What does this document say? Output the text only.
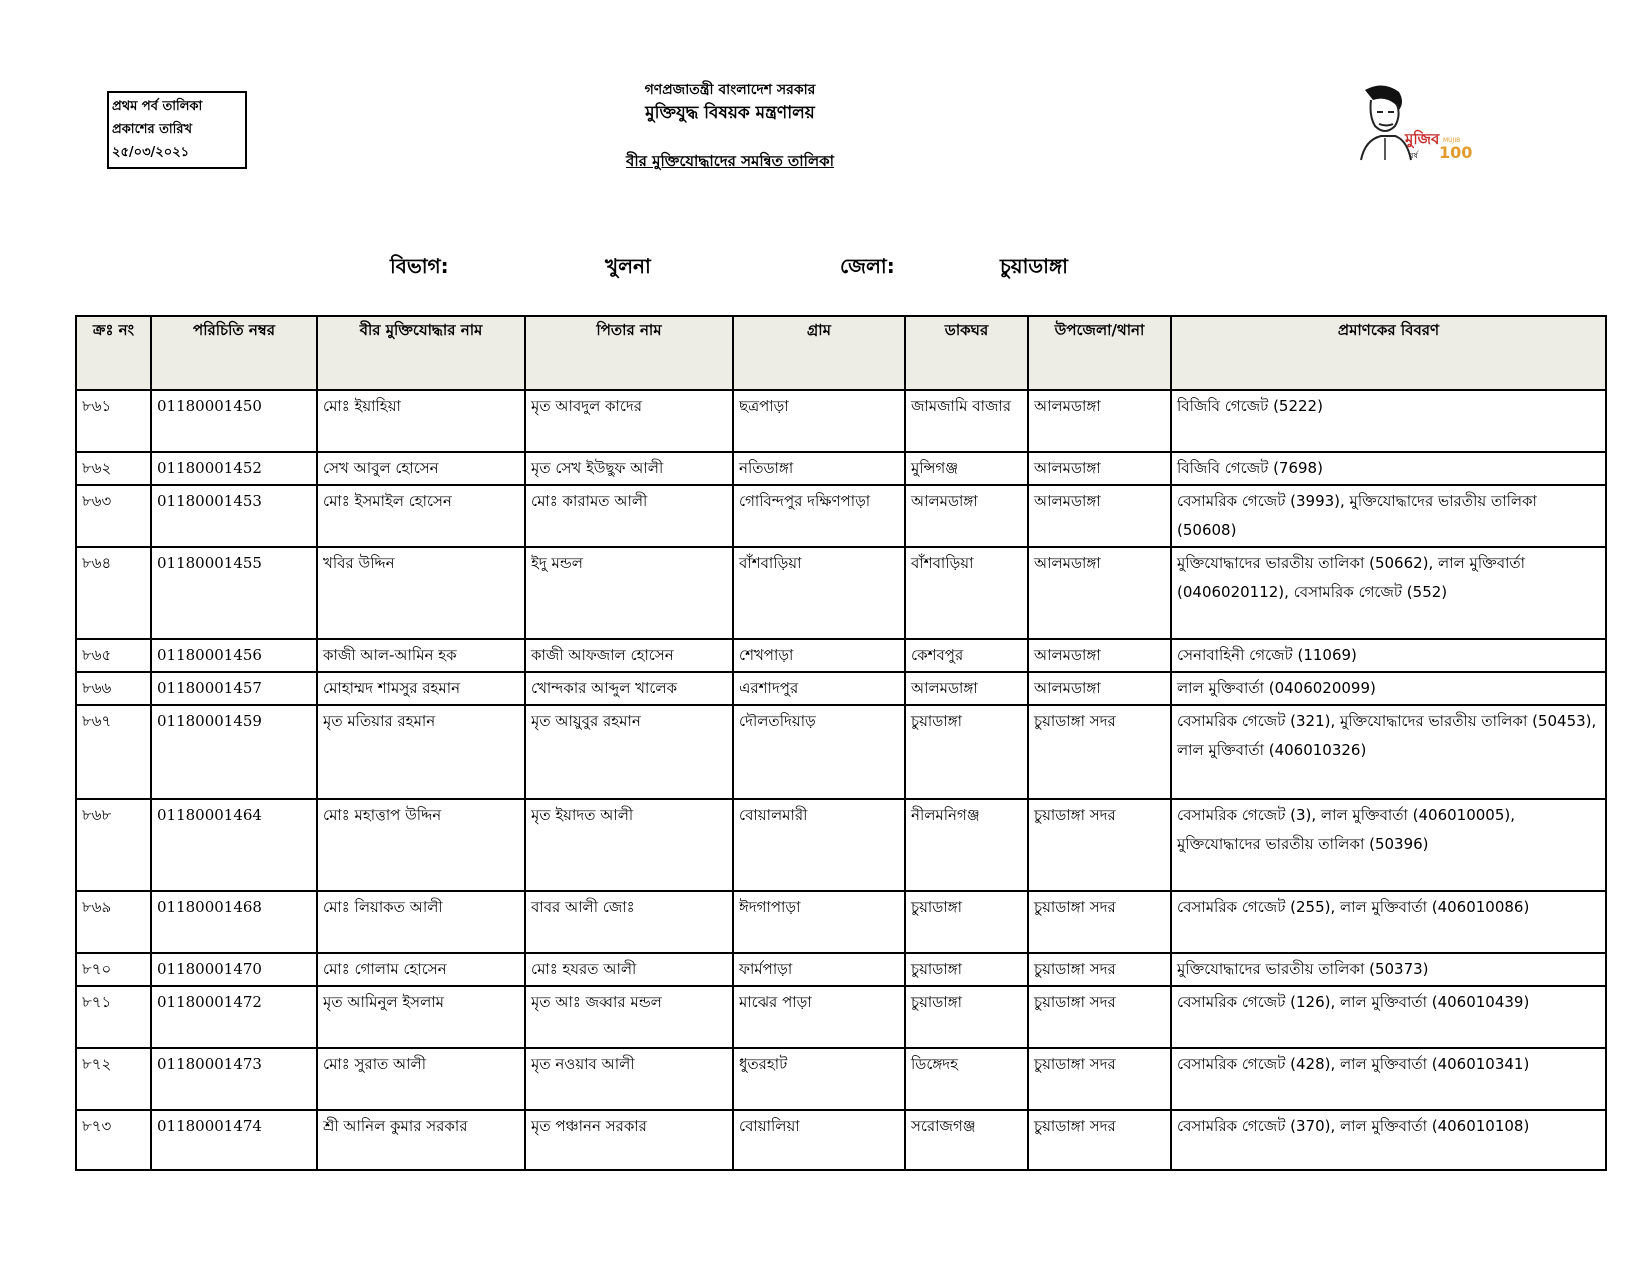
প্রথম পর্ব তালিকা
প্রকাশের তারিখ
২৫/০৩/২০২১
গণপ্রজাতন্ত্রী বাংলাদেশ সরকার
মুক্তিযুদ্ধ বিষয়ক মন্ত্রণালয়
বীর মুক্তিযোদ্ধাদের সমন্বিত তালিকা
মুজিব
বর্ষ
MUJIB
100
বিভাগ:	খুলনা	জেলা:	চুয়াডাঙ্গা
ক্রঃ নং	পরিচিতি নম্বর	বীর মুক্তিযোদ্ধার নাম	পিতার নাম	গ্রাম	ডাকঘর	উপজেলা/থানা	প্রমাণকের বিবরণ
৮৬১	01180001450	মোঃ ইয়াহিয়া	মৃত আবদুল কাদের	ছত্রপাড়া	জামজামি বাজার	আলমডাঙ্গা	বিজিবি গেজেট (5222)
৮৬২	01180001452	সেখ আবুল হোসেন	মৃত সেখ ইউছুফ আলী	নতিডাঙ্গা	মুন্সিগঞ্জ	আলমডাঙ্গা	বিজিবি গেজেট (7698)
৮৬৩	01180001453	মোঃ ইসমাইল হোসেন	মোঃ কারামত আলী	গোবিন্দপুর দক্ষিণপাড়া	আলমডাঙ্গা	আলমডাঙ্গা	বেসামরিক গেজেট (3993), মুক্তিযোদ্ধাদের ভারতীয় তালিকা (50608)
৮৬৪	01180001455	খবির উদ্দিন	ইদু মন্ডল	বাঁশবাড়িয়া	বাঁশবাড়িয়া	আলমডাঙ্গা	মুক্তিযোদ্ধাদের ভারতীয় তালিকা (50662), লাল মুক্তিবার্তা (0406020112), বেসামরিক গেজেট (552)
৮৬৫	01180001456	কাজী আল-আমিন হক	কাজী আফজাল হোসেন	শেখপাড়া	কেশবপুর	আলমডাঙ্গা	সেনাবাহিনী গেজেট (11069)
৮৬৬	01180001457	মোহাম্মদ শামসুর রহমান	খোন্দকার আব্দুল খালেক	এরশাদপুর	আলমডাঙ্গা	আলমডাঙ্গা	লাল মুক্তিবার্তা (0406020099)
৮৬৭	01180001459	মৃত মতিয়ার রহমান	মৃত আয়ুবুর রহমান	দৌলতদিয়াড়	চুয়াডাঙ্গা	চুয়াডাঙ্গা সদর	বেসামরিক গেজেট (321), মুক্তিযোদ্ধাদের ভারতীয় তালিকা (50453), লাল মুক্তিবার্তা (406010326)
৮৬৮	01180001464	মোঃ মহাত্তাপ উদ্দিন	মৃত ইয়াদত আলী	বোয়ালমারী	নীলমনিগঞ্জ	চুয়াডাঙ্গা সদর	বেসামরিক গেজেট (3), লাল মুক্তিবার্তা (406010005), মুক্তিযোদ্ধাদের ভারতীয় তালিকা (50396)
৮৬৯	01180001468	মোঃ লিয়াকত আলী	বাবর আলী জোঃ	ঈদগাপাড়া	চুয়াডাঙ্গা	চুয়াডাঙ্গা সদর	বেসামরিক গেজেট (255), লাল মুক্তিবার্তা (406010086)
৮৭০	01180001470	মোঃ গোলাম হোসেন	মোঃ হযরত আলী	ফার্মপাড়া	চুয়াডাঙ্গা	চুয়াডাঙ্গা সদর	মুক্তিযোদ্ধাদের ভারতীয় তালিকা (50373)
৮৭১	01180001472	মৃত আমিনুল ইসলাম	মৃত আঃ জব্বার মন্ডল	মাঝের পাড়া	চুয়াডাঙ্গা	চুয়াডাঙ্গা সদর	বেসামরিক গেজেট (126), লাল মুক্তিবার্তা (406010439)
৮৭২	01180001473	মোঃ সুরাত আলী	মৃত নওয়াব আলী	ধুতরহাট	ডিঙ্গেদহ	চুয়াডাঙ্গা সদর	বেসামরিক গেজেট (428), লাল মুক্তিবার্তা (406010341)
৮৭৩	01180001474	শ্রী আনিল কুমার সরকার	মৃত পঞ্চানন সরকার	বোয়ালিয়া	সরোজগঞ্জ	চুয়াডাঙ্গা সদর	বেসামরিক গেজেট (370), লাল মুক্তিবার্তা (406010108)
